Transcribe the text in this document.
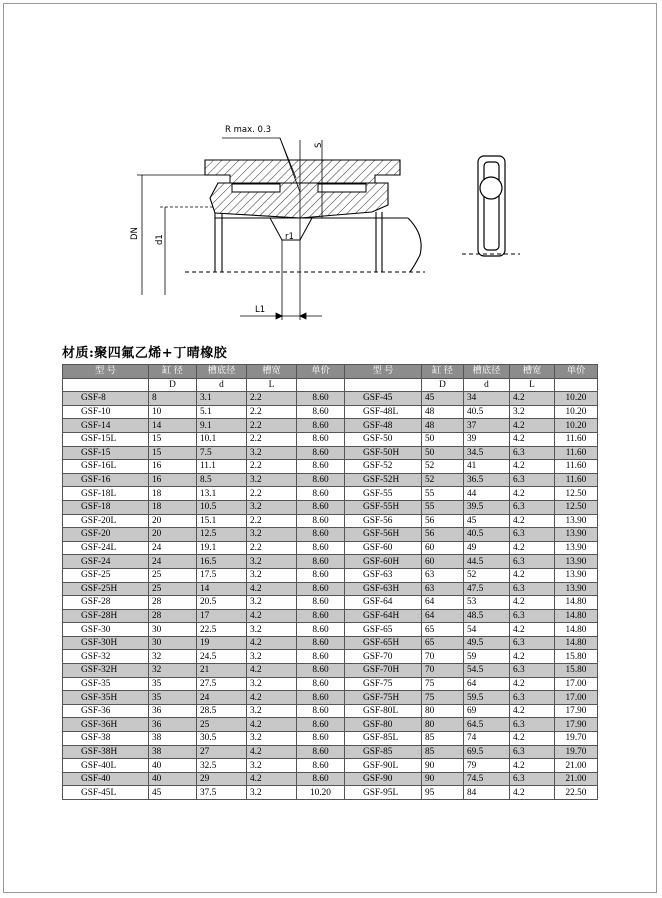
r1
R max. 0.3
S
DN d1
L1
材质:聚四氟乙烯+丁晴橡胶
型 号	缸 径	槽底径	槽宽	单价	型 号	缸 径	槽底径	槽宽	单价
	D	d	L			D	d	L	
GSF-8	8	3.1	2.2	8.60	GSF-45	45	34	4.2	10.20
GSF-10	10	5.1	2.2	8.60	GSF-48L	48	40.5	3.2	10.20
GSF-14	14	9.1	2.2	8.60	GSF-48	48	37	4.2	10.20
GSF-15L	15	10.1	2.2	8.60	GSF-50	50	39	4.2	11.60
GSF-15	15	7.5	3.2	8.60	GSF-50H	50	34.5	6.3	11.60
GSF-16L	16	11.1	2.2	8.60	GSF-52	52	41	4.2	11.60
GSF-16	16	8.5	3.2	8.60	GSF-52H	52	36.5	6.3	11.60
GSF-18L	18	13.1	2.2	8.60	GSF-55	55	44	4.2	12.50
GSF-18	18	10.5	3.2	8.60	GSF-55H	55	39.5	6.3	12.50
GSF-20L	20	15.1	2.2	8.60	GSF-56	56	45	4.2	13.90
GSF-20	20	12.5	3.2	8.60	GSF-56H	56	40.5	6.3	13.90
GSF-24L	24	19.1	2.2	8.60	GSF-60	60	49	4.2	13.90
GSF-24	24	16.5	3.2	8.60	GSF-60H	60	44.5	6.3	13.90
GSF-25	25	17.5	3.2	8.60	GSF-63	63	52	4.2	13.90
GSF-25H	25	14	4.2	8.60	GSF-63H	63	47.5	6.3	13.90
GSF-28	28	20.5	3.2	8.60	GSF-64	64	53	4.2	14.80
GSF-28H	28	17	4.2	8.60	GSF-64H	64	48.5	6.3	14.80
GSF-30	30	22.5	3.2	8.60	GSF-65	65	54	4.2	14.80
GSF-30H	30	19	4.2	8.60	GSF-65H	65	49.5	6.3	14.80
GSF-32	32	24.5	3.2	8.60	GSF-70	70	59	4.2	15.80
GSF-32H	32	21	4.2	8.60	GSF-70H	70	54.5	6.3	15.80
GSF-35	35	27.5	3.2	8.60	GSF-75	75	64	4.2	17.00
GSF-35H	35	24	4.2	8.60	GSF-75H	75	59.5	6.3	17.00
GSF-36	36	28.5	3.2	8.60	GSF-80L	80	69	4.2	17.90
GSF-36H	36	25	4.2	8.60	GSF-80	80	64.5	6.3	17.90
GSF-38	38	30.5	3.2	8.60	GSF-85L	85	74	4.2	19.70
GSF-38H	38	27	4.2	8.60	GSF-85	85	69.5	6.3	19.70
GSF-40L	40	32.5	3.2	8.60	GSF-90L	90	79	4.2	21.00
GSF-40	40	29	4.2	8.60	GSF-90	90	74.5	6.3	21.00
GSF-45L	45	37.5	3.2	10.20	GSF-95L	95	84	4.2	22.50
